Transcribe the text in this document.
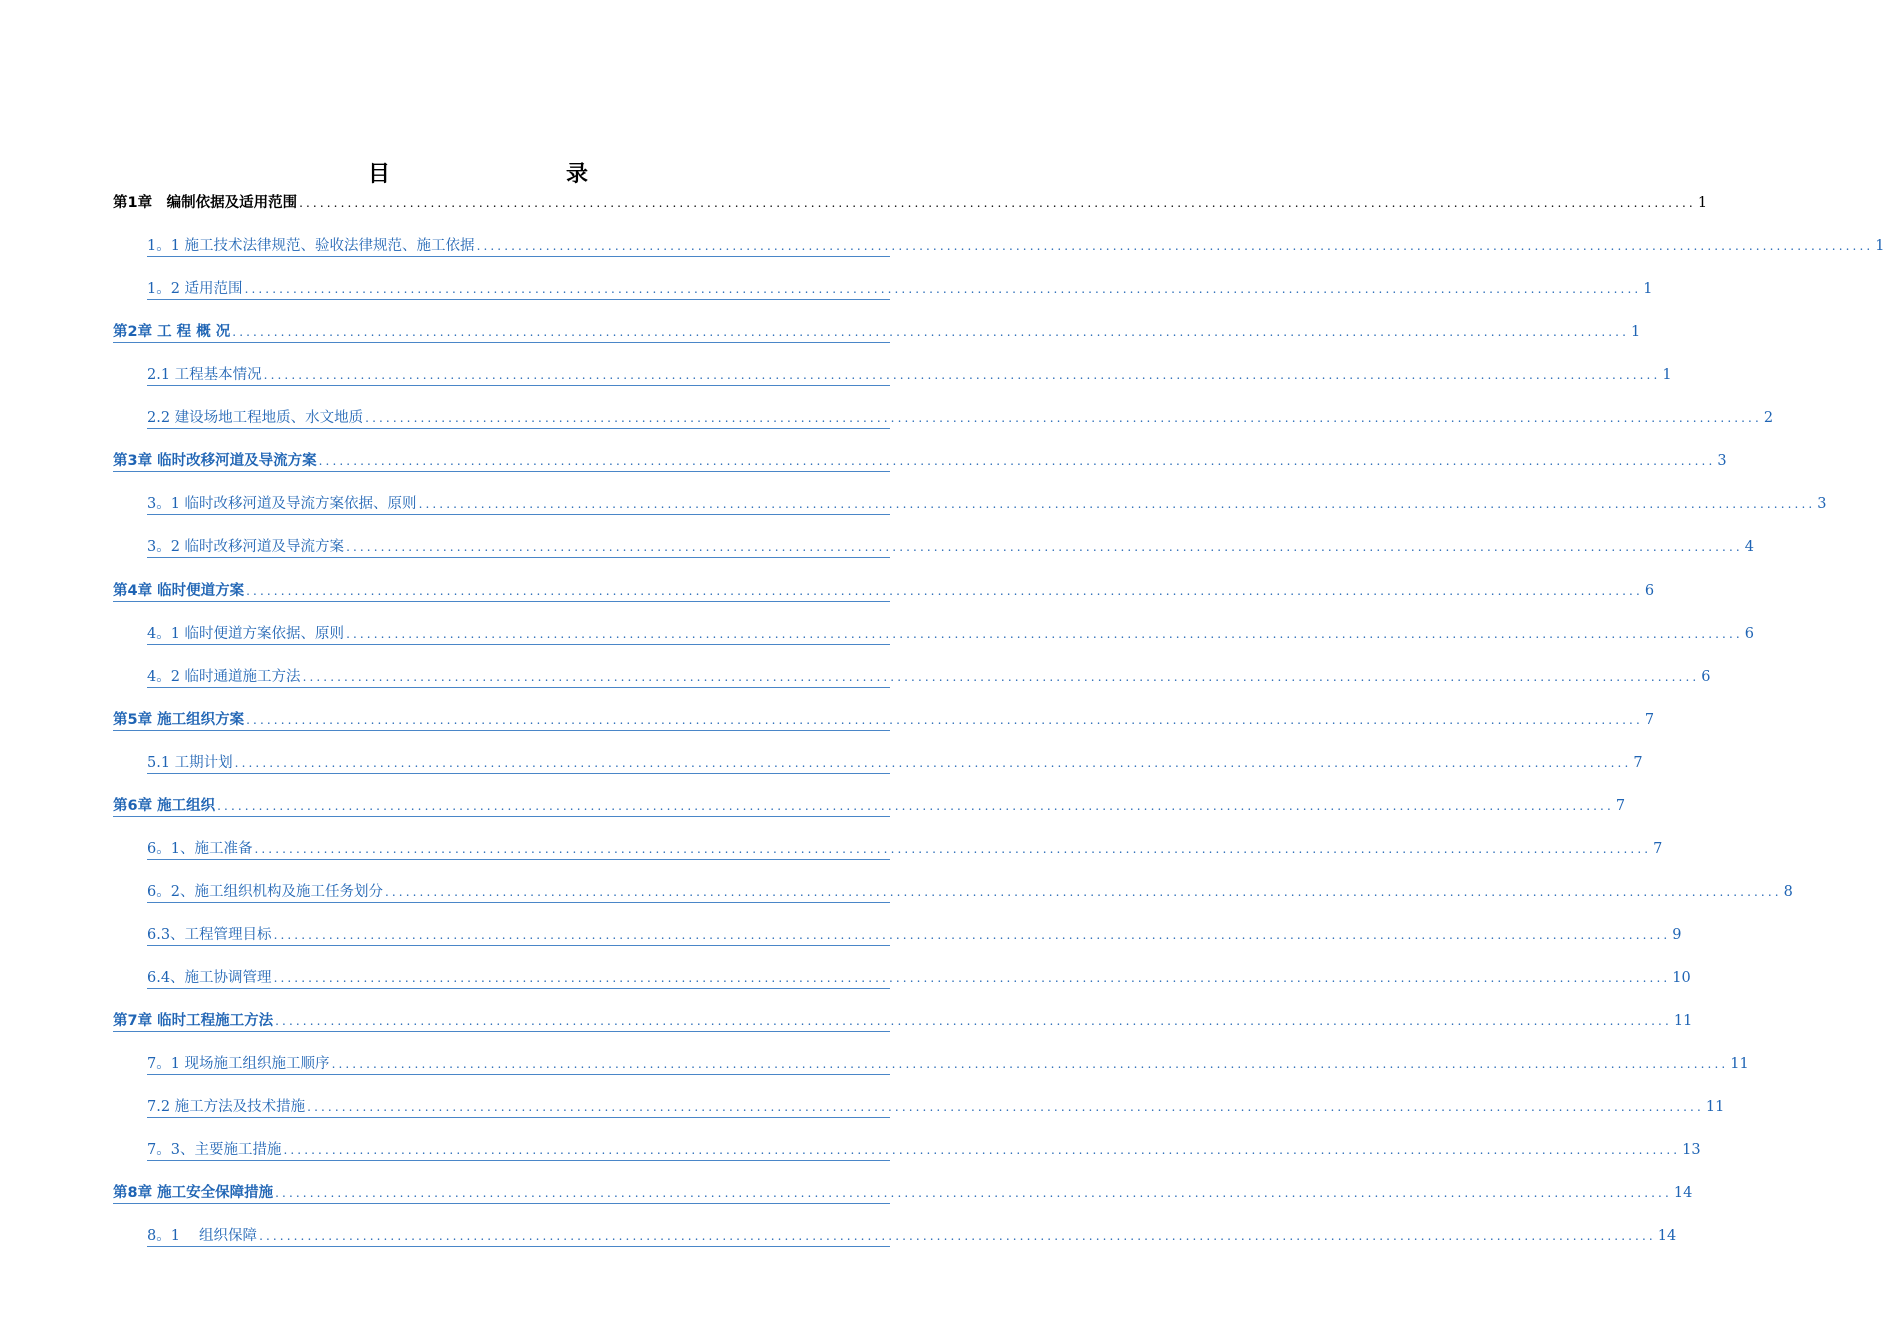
目　　录
第1章　编制依据及适用范围 .......................................................................................................................................................................................................... 1
1。1 施工技术法律规范、验收法律规范、施工依据 .......................................................................................................................................................................................................... 1
1。2 适用范围 .......................................................................................................................................................................................................... 1
第2章 工 程 概 况 .......................................................................................................................................................................................................... 1
2.1 工程基本情况 .......................................................................................................................................................................................................... 1
2.2 建设场地工程地质、水文地质 .......................................................................................................................................................................................................... 2
第3章 临时改移河道及导流方案 .......................................................................................................................................................................................................... 3
3。1 临时改移河道及导流方案依据、原则 .......................................................................................................................................................................................................... 3
3。2 临时改移河道及导流方案 .......................................................................................................................................................................................................... 4
第4章 临时便道方案 .......................................................................................................................................................................................................... 6
4。1 临时便道方案依据、原则 .......................................................................................................................................................................................................... 6
4。2 临时通道施工方法 .......................................................................................................................................................................................................... 6
第5章 施工组织方案 .......................................................................................................................................................................................................... 7
5.1 工期计划 .......................................................................................................................................................................................................... 7
第6章 施工组织 .......................................................................................................................................................................................................... 7
6。1、施工准备 .......................................................................................................................................................................................................... 7
6。2、施工组织机构及施工任务划分 .......................................................................................................................................................................................................... 8
6.3、工程管理目标 .......................................................................................................................................................................................................... 9
6.4、施工协调管理 .......................................................................................................................................................................................................... 10
第7章 临时工程施工方法 .......................................................................................................................................................................................................... 11
7。1 现场施工组织施工顺序 .......................................................................................................................................................................................................... 11
7.2 施工方法及技术措施 .......................................................................................................................................................................................................... 11
7。3、主要施工措施 .......................................................................................................................................................................................................... 13
第8章 施工安全保障措施 .......................................................................................................................................................................................................... 14
8。1　 组织保障 .......................................................................................................................................................................................................... 14
